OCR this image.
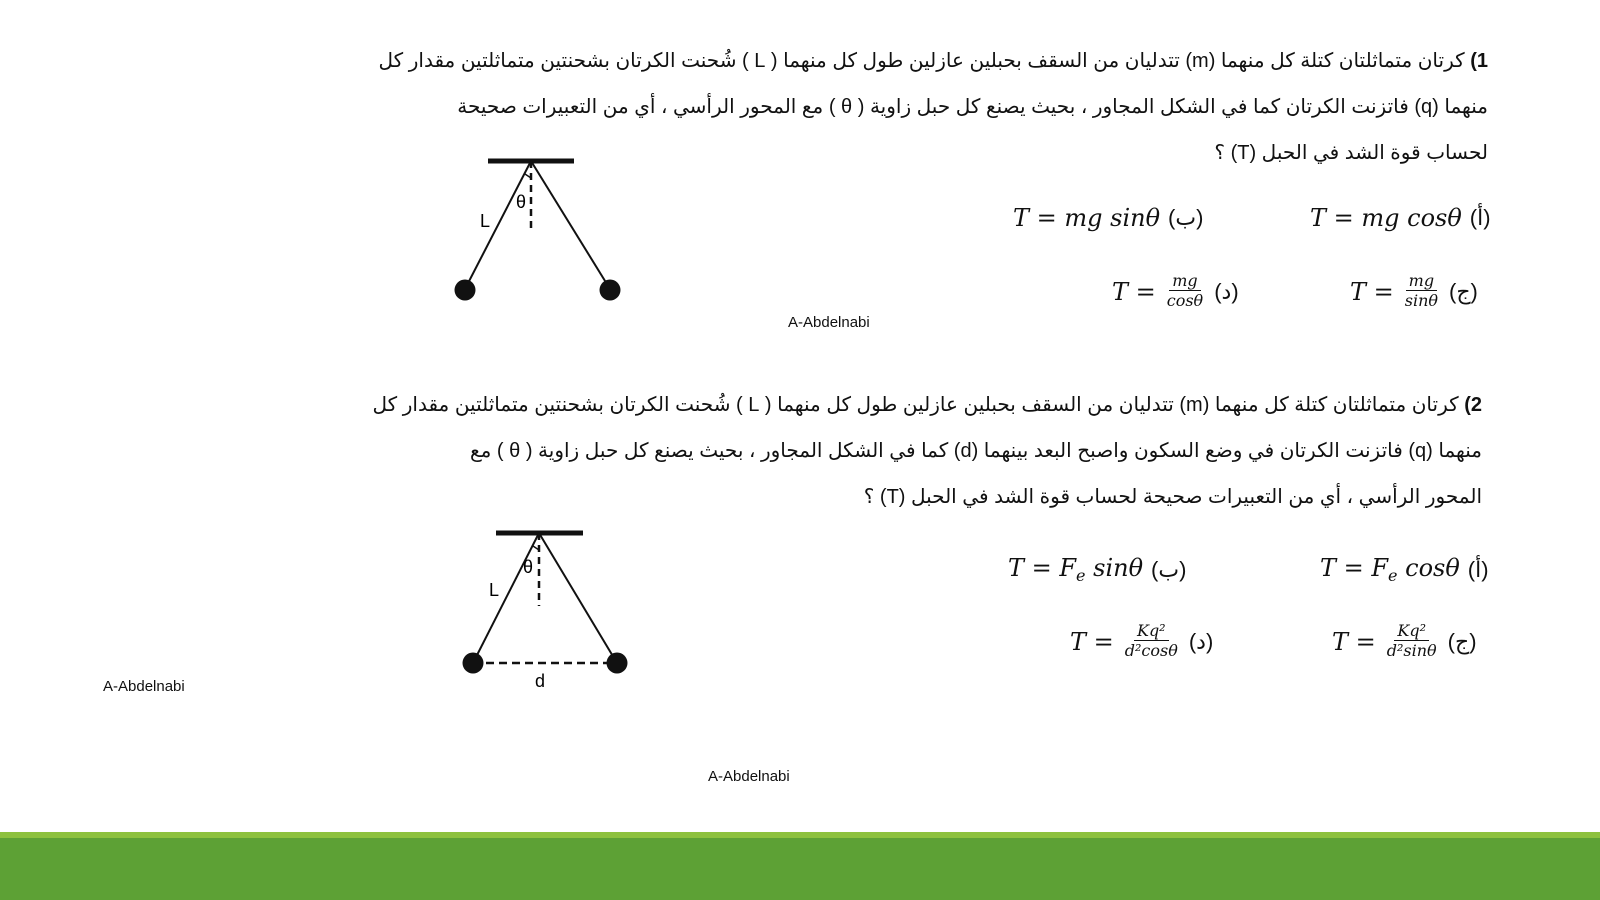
1) كرتان متماثلتان كتلة كل منهما (m) تتدليان من السقف بحبلين عازلين طول كل منهما ( L ) شُحنت الكرتان بشحنتين متماثلتين مقدار كل
منهما (q) فاتزنت الكرتان كما في الشكل المجاور ، بحيث يصنع كل حبل زاوية ( θ ) مع المحور الرأسي ، أي من التعبيرات صحيحة
لحساب قوة الشد في الحبل (T) ؟
T = mg cosθ (أ)
T = mg sinθ (ب)
$T = \frac{mg}{\sin\theta}$ (ج)
$T = \frac{mg}{\cos\theta}$ (د)
θ
L
A-Abdelnabi
2) كرتان متماثلتان كتلة كل منهما (m) تتدليان من السقف بحبلين عازلين طول كل منهما ( L ) شُحنت الكرتان بشحنتين متماثلتين مقدار كل
منهما (q) فاتزنت الكرتان في وضع السكون واصبح البعد بينهما (d) كما في الشكل المجاور ، بحيث يصنع كل حبل زاوية ( θ ) مع
المحور الرأسي ، أي من التعبيرات صحيحة لحساب قوة الشد في الحبل (T) ؟
$T = F_e$ cosθ (أ)
$T = F_e$ sinθ (ب)
$T = \frac{\text{Kq²}}{\text{d²sinθ}}$ (ج)
$T = \frac{\text{Kq²}}{\text{d²cosθ}}$ (د)
θ
L
d
A-Abdelnabi
A-Abdelnabi
